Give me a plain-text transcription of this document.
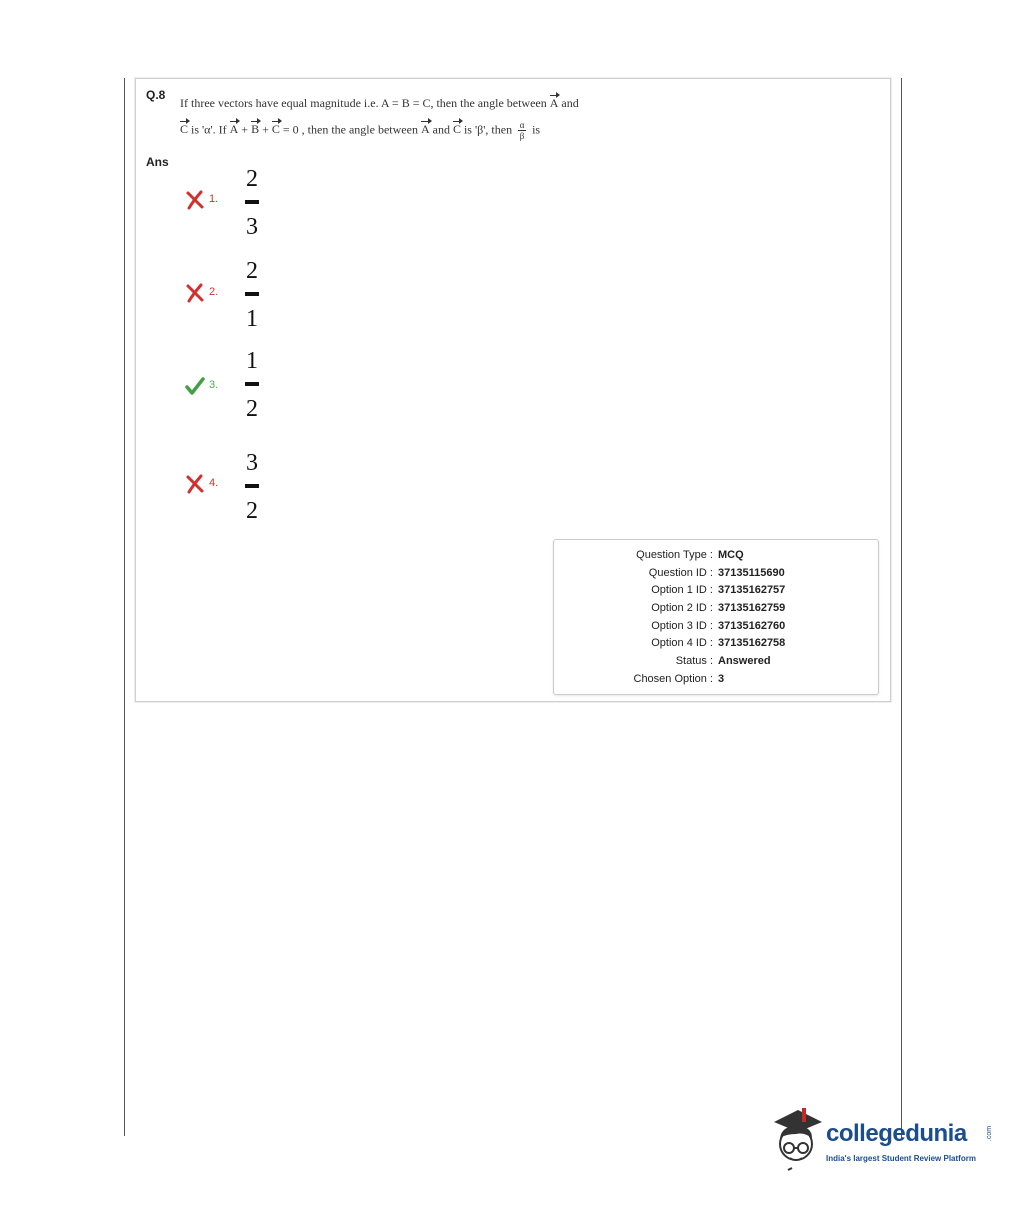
Q.8
If three vectors have equal magnitude i.e. A = B = C, then the angle between A and
C is 'α'. If A + B + C = 0 , then the angle between A and C is 'β', then $\frac{\alpha}{\beta}$ is
Ans
1.
2
3
2.
2
1
3.
1
2
4.
3
2
Question Type : MCQ
Question ID : 37135115690
Option 1 ID : 37135162757
Option 2 ID : 37135162759
Option 3 ID : 37135162760
Option 4 ID : 37135162758
Status : Answered
Chosen Option : 3
collegedunia	.com
India's largest Student Review Platform
